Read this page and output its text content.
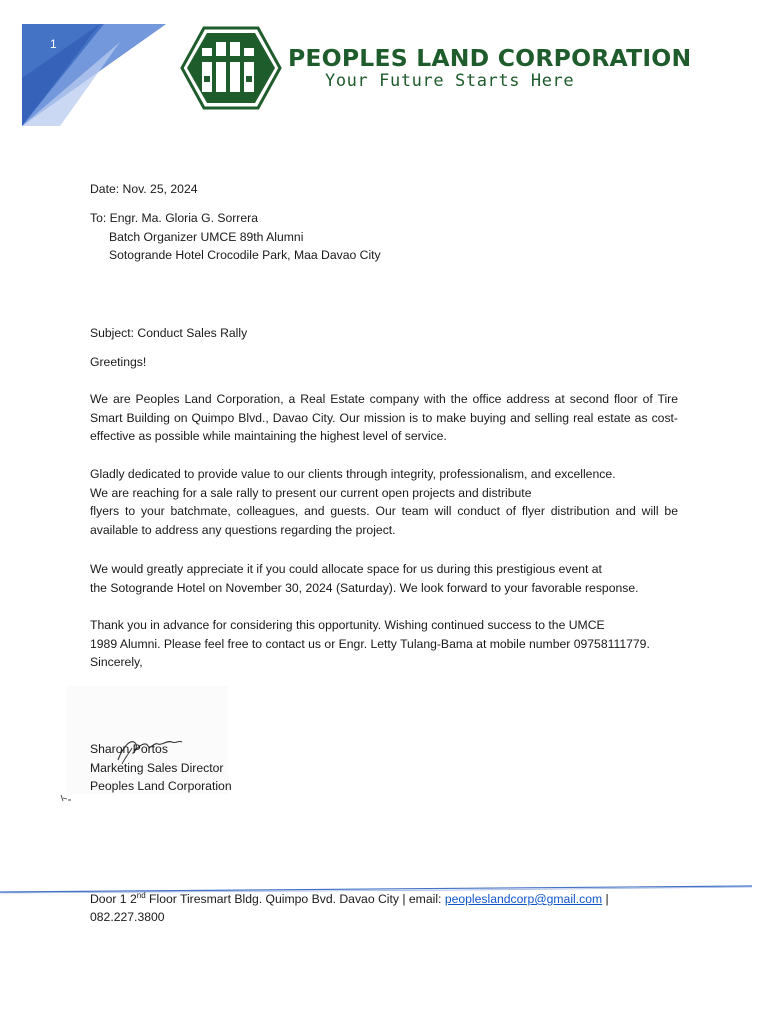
1	PEOPLES LAND CORPORATION
Your Future Starts Here
Date: Nov. 25, 2024
To: Engr. Ma. Gloria G. Sorrera
Batch Organizer UMCE 89th Alumni
Sotogrande Hotel Crocodile Park, Maa Davao City
Subject: Conduct Sales Rally
Greetings!
We are Peoples Land Corporation, a Real Estate company with the office address at second floor of Tire Smart Building on Quimpo Blvd., Davao City. Our mission is to make buying and selling real estate as cost-effective as possible while maintaining the highest level of service.
Gladly dedicated to provide value to our clients through integrity, professionalism, and excellence.
We are reaching for a sale rally to present our current open projects and distribute
flyers to your batchmate, colleagues, and guests. Our team will conduct of flyer distribution and will be available to address any questions regarding the project.
We would greatly appreciate it if you could allocate space for us during this prestigious event at
the Sotogrande Hotel on November 30, 2024 (Saturday). We look forward to your favorable response.
Thank you in advance for considering this opportunity. Wishing continued success to the UMCE
1989 Alumni. Please feel free to contact us or Engr. Letty Tulang-Bama at mobile number 09758111779.
Sincerely,
Sharon Portos
Marketing Sales Director
Peoples Land Corporation
Door 1 2nd Floor Tiresmart Bldg. Quimpo Bvd. Davao City | email: peopleslandcorp@gmail.com |
082.227.3800
